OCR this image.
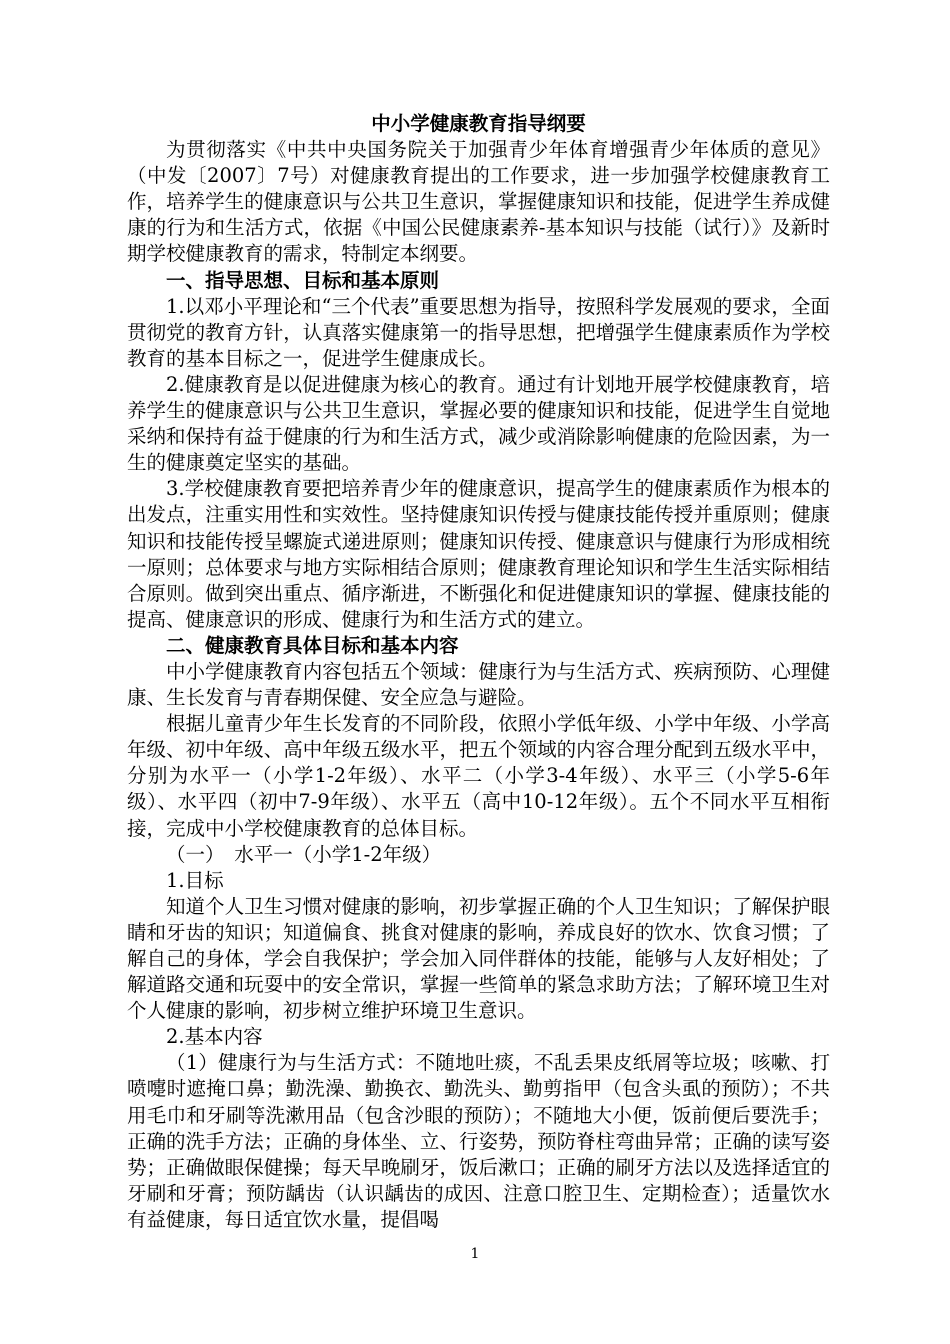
中小学健康教育指导纲要

为贯彻落实《中共中央国务院关于加强青少年体育增强青少年体质的意见》（中发〔2007〕7号）对健康教育提出的工作要求，进一步加强学校健康教育工作，培养学生的健康意识与公共卫生意识，掌握健康知识和技能，促进学生养成健康的行为和生活方式，依据《中国公民健康素养-基本知识与技能（试行）》及新时期学校健康教育的需求，特制定本纲要。

一、指导思想、目标和基本原则

1.以邓小平理论和“三个代表”重要思想为指导，按照科学发展观的要求，全面贯彻党的教育方针，认真落实健康第一的指导思想，把增强学生健康素质作为学校教育的基本目标之一，促进学生健康成长。

2.健康教育是以促进健康为核心的教育。通过有计划地开展学校健康教育，培养学生的健康意识与公共卫生意识，掌握必要的健康知识和技能，促进学生自觉地采纳和保持有益于健康的行为和生活方式，减少或消除影响健康的危险因素，为一生的健康奠定坚实的基础。

3.学校健康教育要把培养青少年的健康意识，提高学生的健康素质作为根本的出发点，注重实用性和实效性。坚持健康知识传授与健康技能传授并重原则；健康知识和技能传授呈螺旋式递进原则；健康知识传授、健康意识与健康行为形成相统一原则；总体要求与地方实际相结合原则；健康教育理论知识和学生生活实际相结合原则。做到突出重点、循序渐进，不断强化和促进健康知识的掌握、健康技能的提高、健康意识的形成、健康行为和生活方式的建立。

二、健康教育具体目标和基本内容

中小学健康教育内容包括五个领域：健康行为与生活方式、疾病预防、心理健康、生长发育与青春期保健、安全应急与避险。

根据儿童青少年生长发育的不同阶段，依照小学低年级、小学中年级、小学高年级、初中年级、高中年级五级水平，把五个领域的内容合理分配到五级水平中，分别为水平一（小学1-2年级）、水平二（小学3-4年级）、水平三（小学5-6年级）、水平四（初中7-9年级）、水平五（高中10-12年级）。五个不同水平互相衔接，完成中小学校健康教育的总体目标。

（一）　水平一（小学1-2年级）

1.目标

知道个人卫生习惯对健康的影响，初步掌握正确的个人卫生知识；了解保护眼睛和牙齿的知识；知道偏食、挑食对健康的影响，养成良好的饮水、饮食习惯；了解自己的身体，学会自我保护；学会加入同伴群体的技能，能够与人友好相处；了解道路交通和玩耍中的安全常识，掌握一些简单的紧急求助方法；了解环境卫生对个人健康的影响，初步树立维护环境卫生意识。

2.基本内容

（1）健康行为与生活方式：不随地吐痰，不乱丢果皮纸屑等垃圾；咳嗽、打喷嚏时遮掩口鼻；勤洗澡、勤换衣、勤洗头、勤剪指甲（包含头虱的预防）；不共用毛巾和牙刷等洗漱用品（包含沙眼的预防）；不随地大小便，饭前便后要洗手；正确的洗手方法；正确的身体坐、立、行姿势，预防脊柱弯曲异常；正确的读写姿势；正确做眼保健操；每天早晚刷牙，饭后漱口；正确的刷牙方法以及选择适宜的牙刷和牙膏；预防龋齿（认识龋齿的成因、注意口腔卫生、定期检查）；适量饮水有益健康，每日适宜饮水量，提倡喝

1
